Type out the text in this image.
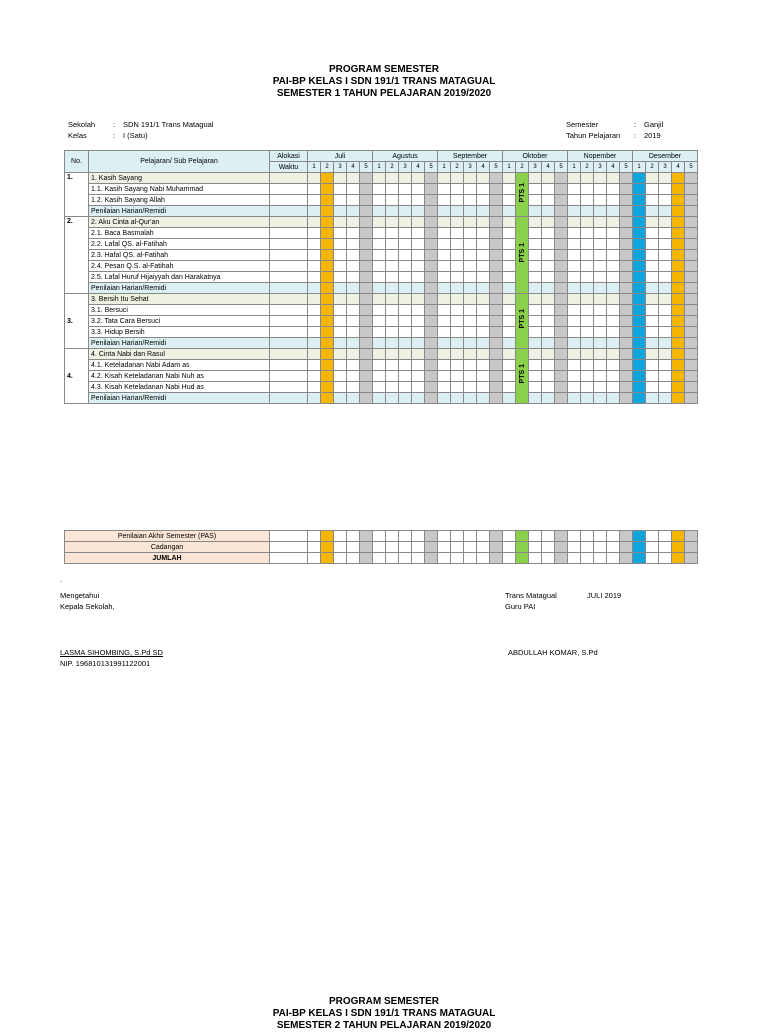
PROGRAM SEMESTER
PAI-BP KELAS I SDN 191/1 TRANS MATAGUAL
SEMESTER 1 TAHUN PELAJARAN 2019/2020
Sekolah : SDN 191/1 Trans Matagual
Kelas	: I (Satu)
Semester	: Ganjil
Tahun Pelajaran : 2019
No.	Pelajaran/ Sub Pelajaran	Alokasi	Juli					Agustus					September					Oktober					Nopember					Desember				
		Waktu	1	2	3	4	5	1	2	3	4	5	1	2	3	4	5	1	2	3	4	5	1	2	3	4	5	1	2	3	4	5
1.	1. Kasih Sayang																		PTS 1													
	1.1. Kasih Sayang Nabi Muhammad																															
	1.2. Kasih Sayang Allah																															
	Penilaian Harian/Remidi																															
2.	2. Aku Cinta al-Qur'an																		PTS 1													
	2.1. Baca Basmalah																															
	2.2. Lafal QS. al-Fatihah																															
	2.3. Hafal QS. al-Fatihah																															
	2.4. Pesan Q.S. al-Fatihah																															
	2.5. Lafal Huruf Hijaiyyah dan Harakatnya																															
	Penilaian Harian/Remidi																															
3.	3. Bersih Itu Sehat																		PTS 1													
	3.1. Bersuci																															
	3.2. Tata Cara Bersuci																															
	3.3. Hidup Bersih																															
	Penilaian Harian/Remidi																															
4.	4. Cinta Nabi dan Rasul																		PTS 1													
	4.1. Keteladanan Nabi Adam as																															
	4.2. Kisah Keteladanan Nabi Nuh as																															
	4.3. Kisah Keteladanan Nabi Hud as																															
	Penilaian Harian/Remidi																															
Penilaian Akhir Semester (PAS)																															
Cadangan																															
JUMLAH																															
.
Mengetahui
Kepala Sekolah,
LASMA SIHOMBING, S.Pd SD
NIP. 196810131991122001
Trans Matagual	JULI 2019
Guru PAI
ABDULLAH KOMAR, S.Pd
PROGRAM SEMESTER
PAI-BP KELAS I SDN 191/1 TRANS MATAGUAL
SEMESTER 2 TAHUN PELAJARAN 2019/2020
